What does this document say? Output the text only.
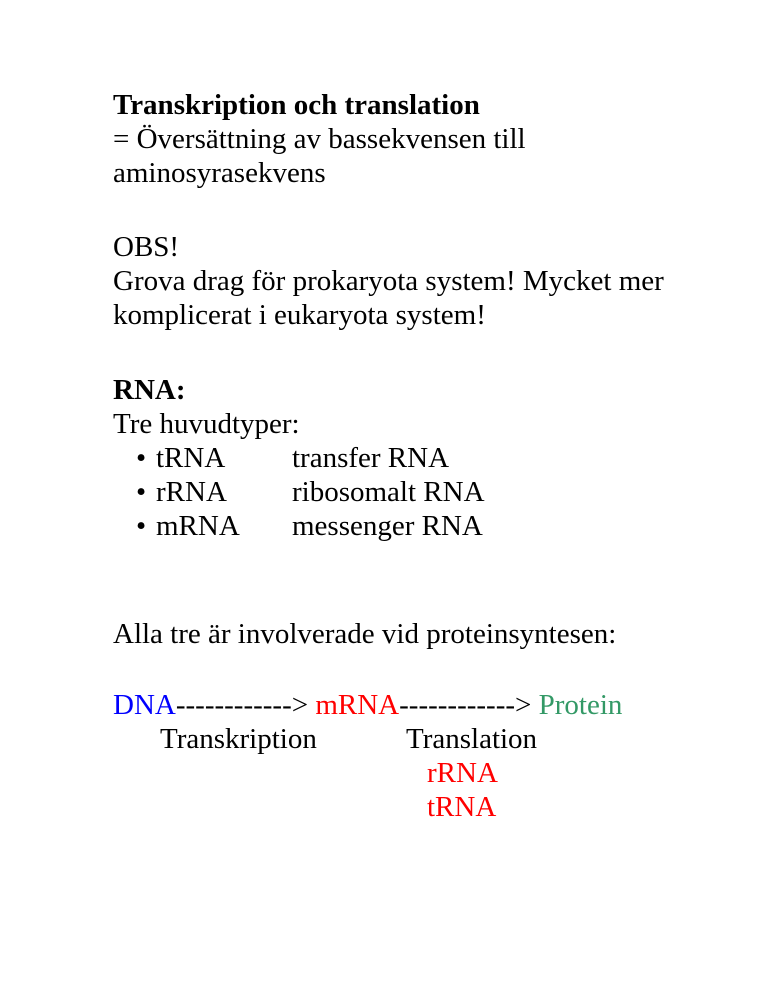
Transkription och translation
= Översättning av bassekvensen till
aminosyrasekvens
OBS!
Grova drag för prokaryota system! Mycket mer
komplicerat i eukaryota system!
RNA:
Tre huvudtyper:
• tRNA transfer RNA
• rRNA ribosomalt RNA
• mRNA messenger RNA
Alla tre är involverade vid proteinsyntesen:
DNA------------> mRNA------------> Protein
Transkription	Translation
rRNA
tRNA
